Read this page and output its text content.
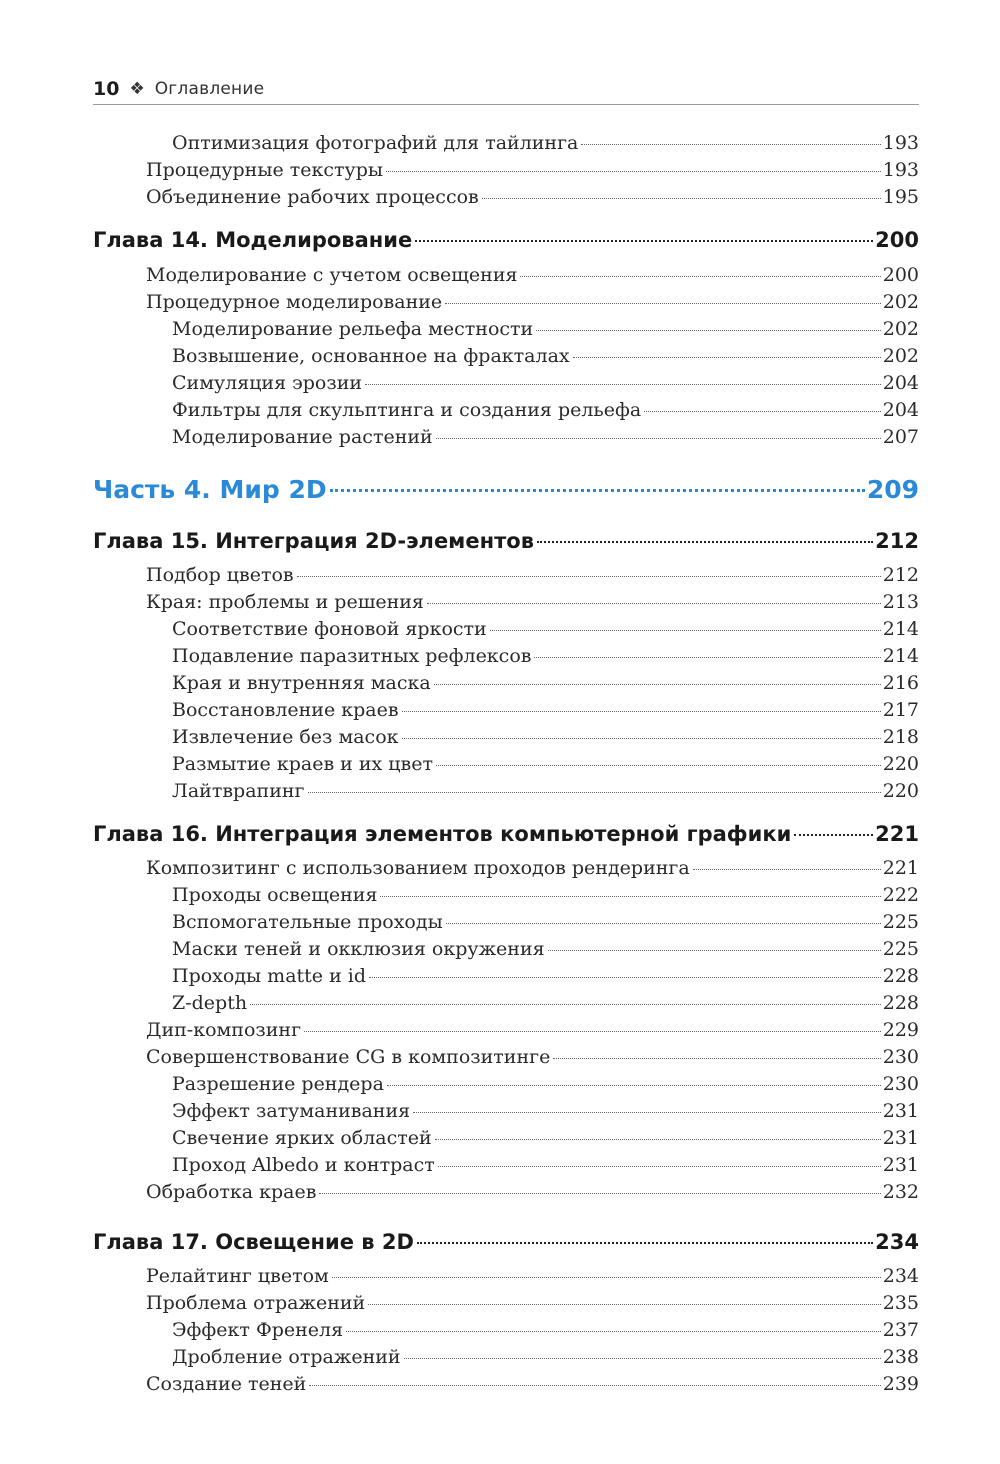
10 ❖ Оглавление
Оптимизация фотографий для тайлинга	193
Процедурные текстуры	193
Объединение рабочих процессов	195
Глава 14. Моделирование	200
Моделирование с учетом освещения	200
Процедурное моделирование	202
Моделирование рельефа местности	202
Возвышение, основанное на фракталах	202
Симуляция эрозии	204
Фильтры для скульптинга и создания рельефа	204
Моделирование растений	207
Часть 4. Мир 2D	209
Глава 15. Интеграция 2D-элементов	212
Подбор цветов	212
Края: проблемы и решения	213
Соответствие фоновой яркости	214
Подавление паразитных рефлексов	214
Края и внутренняя маска	216
Восстановление краев	217
Извлечение без масок	218
Размытие краев и их цвет	220
Лайтврапинг	220
Глава 16. Интеграция элементов компьютерной графики	221
Композитинг с использованием проходов рендеринга	221
Проходы освещения	222
Вспомогательные проходы	225
Маски теней и окклюзия окружения	225
Проходы matte и id	228
Z-depth	228
Дип-композинг	229
Совершенствование CG в композитинге	230
Разрешение рендера	230
Эффект затуманивания	231
Свечение ярких областей	231
Проход Albedo и контраст	231
Обработка краев	232
Глава 17. Освещение в 2D	234
Релайтинг цветом	234
Проблема отражений	235
Эффект Френеля	237
Дробление отражений	238
Создание теней	239
